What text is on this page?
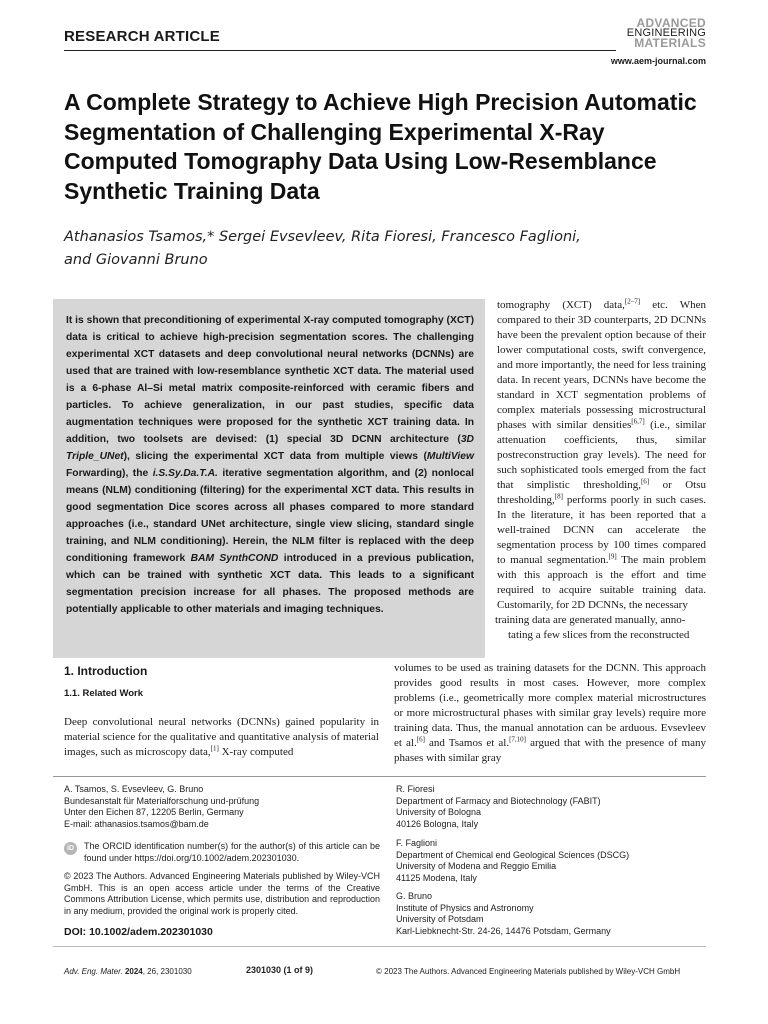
RESEARCH ARTICLE
ADVANCED
ENGINEERING
MATERIALS
www.aem-journal.com
A Complete Strategy to Achieve High Precision Automatic Segmentation of Challenging Experimental X-Ray Computed Tomography Data Using Low-Resemblance Synthetic Training Data
Athanasios Tsamos,* Sergei Evsevleev, Rita Fioresi, Francesco Faglioni,
and Giovanni Bruno
It is shown that preconditioning of experimental X-ray computed tomography (XCT) data is critical to achieve high-precision segmentation scores. The challenging experimental XCT datasets and deep convolutional neural networks (DCNNs) are used that are trained with low-resemblance synthetic XCT data. The material used is a 6-phase Al–Si metal matrix composite-reinforced with ceramic fibers and particles. To achieve generalization, in our past studies, specific data augmentation techniques were proposed for the synthetic XCT training data. In addition, two toolsets are devised: (1) special 3D DCNN architecture (3D Triple_UNet), slicing the experimental XCT data from multiple views (MultiView Forwarding), the i.S.Sy.Da.T.A. iterative segmentation algorithm, and (2) nonlocal means (NLM) conditioning (filtering) for the experimental XCT data. This results in good segmentation Dice scores across all phases compared to more standard approaches (i.e., standard UNet architecture, single view slicing, standard single training, and NLM conditioning). Herein, the NLM filter is replaced with the deep conditioning framework BAM SynthCOND introduced in a previous publication, which can be trained with synthetic XCT data. This leads to a significant segmentation precision increase for all phases. The proposed methods are potentially applicable to other materials and imaging techniques.

tomography (XCT) data,[2–7] etc. When compared to their 3D counterparts, 2D DCNNs have been the prevalent option because of their lower computational costs, swift convergence, and more importantly, the need for less training data. In recent years, DCNNs have become the standard in XCT segmentation problems of complex materials possessing microstructural phases with similar densities[6,7] (i.e., similar attenuation coefficients, thus, similar postreconstruction gray levels). The need for such sophisticated tools emerged from the fact that simplistic thresholding,[6] or Otsu thresholding,[8] performs poorly in such cases. In the literature, it has been reported that a well-trained DCNN can accelerate the segmentation process by 100 times compared to manual segmentation.[9] The main problem with this approach is the effort and time required to acquire suitable training data. Customarily, for 2D DCNNs, the necessary

training data are generated manually, anno-
tating a few slices from the reconstructed
1. Introduction
1.1. Related Work
Deep convolutional neural networks (DCNNs) gained popularity in material science for the qualitative and quantitative analysis of material images, such as microscopy data,[1] X-ray computed
volumes to be used as training datasets for the DCNN. This approach provides good results in most cases. However, more complex problems (i.e., geometrically more complex material microstructures or more microstructural phases with similar gray levels) require more training data. Thus, the manual annotation can be arduous. Evsevleev et al.[6] and Tsamos et al.[7,10] argued that with the presence of many phases with similar gray
A. Tsamos, S. Evsevleev, G. Bruno
Bundesanstalt für Materialforschung und-prüfung
Unter den Eichen 87, 12205 Berlin, Germany
E-mail: athanasios.tsamos@bam.de
R. Fioresi
Department of Farmacy and Biotechnology (FABIT)
University of Bologna
40126 Bologna, Italy
F. Faglioni
Department of Chemical end Geological Sciences (DSCG)
University of Modena and Reggio Emilia
41125 Modena, Italy
G. Bruno
Institute of Physics and Astronomy
University of Potsdam
Karl-Liebknecht-Str. 24-26, 14476 Potsdam, Germany
iD	The ORCID identification number(s) for the author(s) of this article can be found under https://doi.org/10.1002/adem.202301030.
© 2023 The Authors. Advanced Engineering Materials published by Wiley-VCH GmbH. This is an open access article under the terms of the Creative Commons Attribution License, which permits use, distribution and reproduction in any medium, provided the original work is properly cited.
DOI: 10.1002/adem.202301030
Adv. Eng. Mater. 2024, 26, 2301030	2301030 (1 of 9)	© 2023 The Authors. Advanced Engineering Materials published by Wiley-VCH GmbH
